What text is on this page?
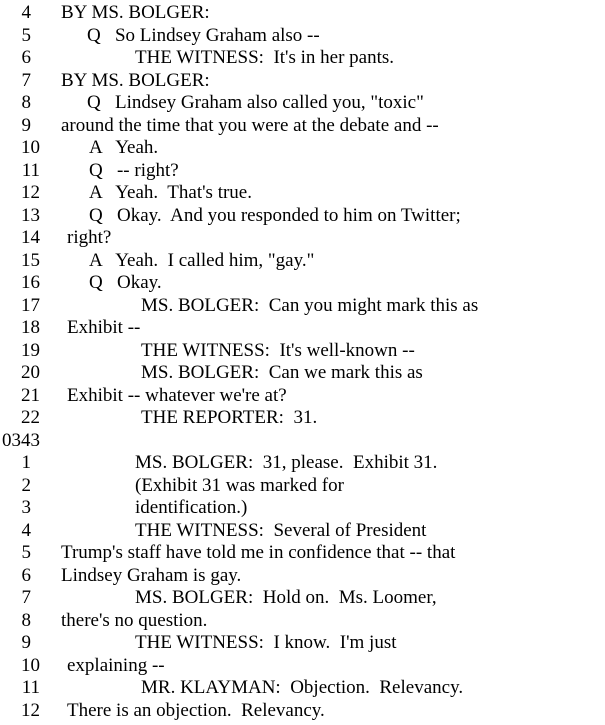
4 BY MS. BOLGER:
5	Q   So Lindsey Graham also --
6	THE WITNESS:  It's in her pants.
7 BY MS. BOLGER:
8	Q   Lindsey Graham also called you, "toxic"
9 around the time that you were at the debate and --
10	A   Yeah.
11	Q   -- right?
12	A   Yeah.  That's true.
13	Q   Okay.  And you responded to him on Twitter;
14 right?
15	A   Yeah.  I called him, "gay."
16	Q   Okay.
17	MS. BOLGER:  Can you might mark this as
18 Exhibit --
19	THE WITNESS:  It's well-known --
20	MS. BOLGER:  Can we mark this as
21 Exhibit -- whatever we're at?
22	THE REPORTER:  31.
0343
1	MS. BOLGER:  31, please.  Exhibit 31.
2	(Exhibit 31 was marked for
3	identification.)
4	THE WITNESS:  Several of President
5 Trump's staff have told me in confidence that -- that
6 Lindsey Graham is gay.
7	MS. BOLGER:  Hold on.  Ms. Loomer,
8 there's no question.
9	THE WITNESS:  I know.  I'm just
10 explaining --
11	MR. KLAYMAN:  Objection.  Relevancy.
12 There is an objection.  Relevancy.
